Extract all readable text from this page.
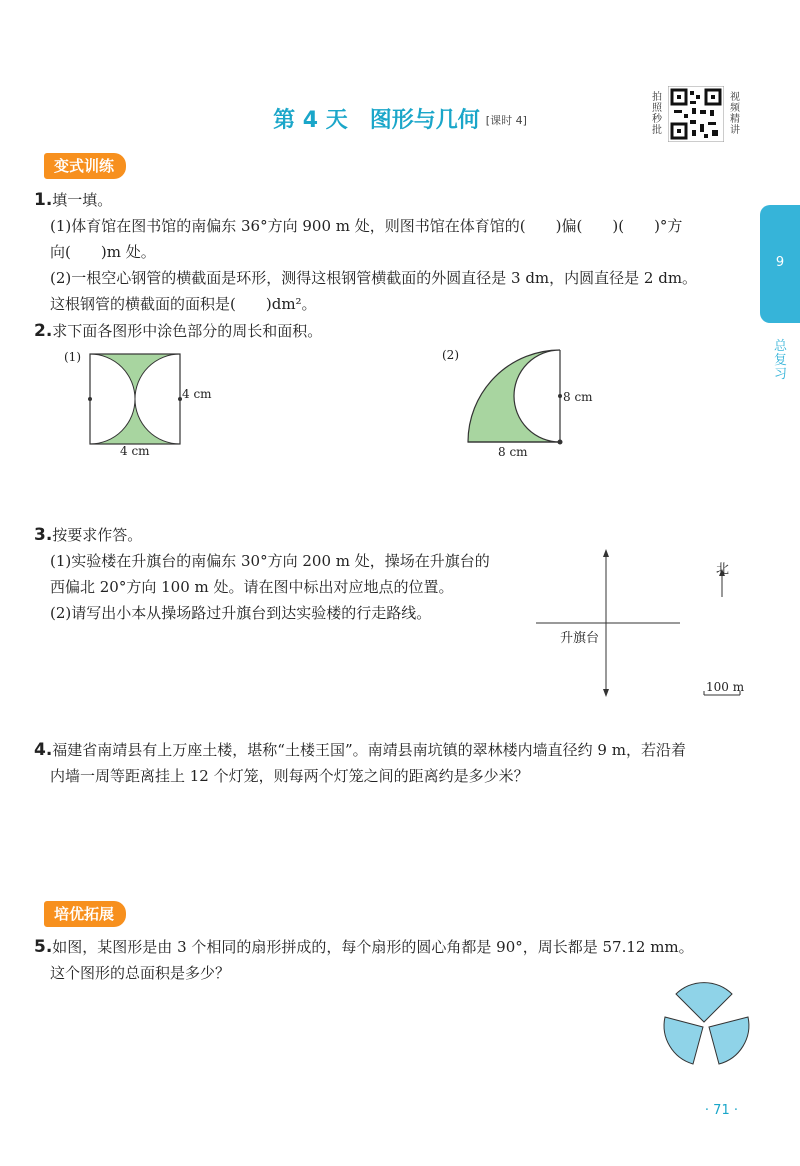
第 4 天　图形与几何 [课时 4]
拍照秒批
视频精讲
9
总复习
变式训练
1.填一填。
(1)体育馆在图书馆的南偏东 36°方向 900 m 处，则图书馆在体育馆的( )偏( )( )°方
向( )m 处。
(2)一根空心钢管的横截面是环形，测得这根钢管横截面的外圆直径是 3 dm，内圆直径是 2 dm。
这根钢管的横截面的面积是( )dm²。
2.求下面各图形中涂色部分的周长和面积。
(1)
4 cm
4 cm
(2)
8 cm
8 cm
3.按要求作答。
(1)实验楼在升旗台的南偏东 30°方向 200 m 处，操场在升旗台的
西偏北 20°方向 100 m 处。请在图中标出对应地点的位置。
(2)请写出小本从操场路过升旗台到达实验楼的行走路线。
北
升旗台
100 m
4.福建省南靖县有上万座土楼，堪称“土楼王国”。南靖县南坑镇的翠林楼内墙直径约 9 m，若沿着
内墙一周等距离挂上 12 个灯笼，则每两个灯笼之间的距离约是多少米？
培优拓展
5.如图，某图形是由 3 个相同的扇形拼成的，每个扇形的圆心角都是 90°，周长都是 57.12 mm。
这个图形的总面积是多少？
· 71 ·
